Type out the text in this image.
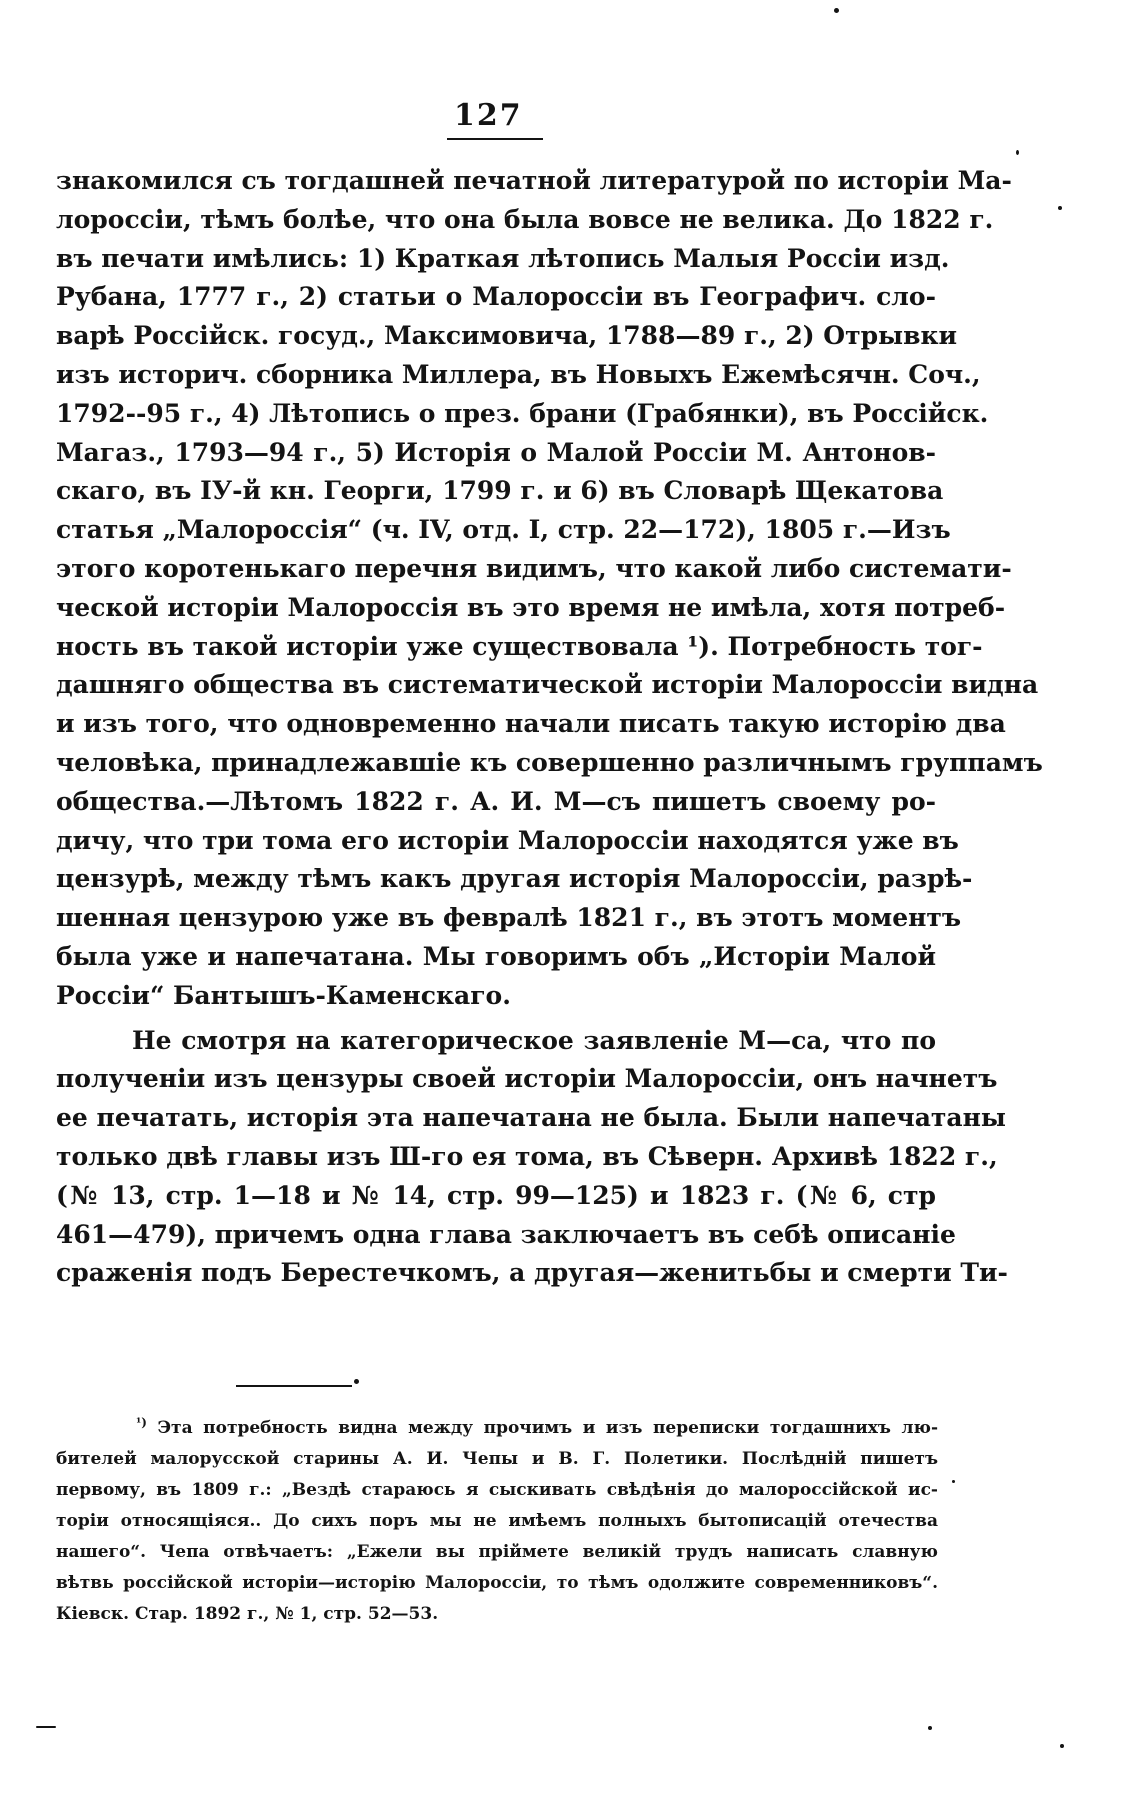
127
знакомился съ тогдашней печатной литературой по исторіи Ма-
лороссіи, тѣмъ болѣе, что она была вовсе не велика. До 1822 г.
въ печати имѣлись: 1) Краткая лѣтопись Малыя Россіи изд.
Рубана, 1777 г., 2) статьи о Малороссіи въ Географич. сло-
варѣ Россійск. госуд., Максимовича, 1788—89 г., 2) Отрывки
изъ историч. сборника Миллера, въ Новыхъ Ежемѣсячн. Соч.,
1792--95 г., 4) Лѣтопись о през. брани (Грабянки), въ Россійск.
Магаз., 1793—94 г., 5) Исторія о Малой Россіи М. Антонов-
скаго, въ IУ-й кн. Георги, 1799 г. и 6) въ Словарѣ Щекатова
статья „Малороссія“ (ч. IV, отд. I, стр. 22—172), 1805 г.—Изъ
этого коротенькаго перечня видимъ, что какой либо системати-
ческой исторіи Малороссія въ это время не имѣла, хотя потреб-
ность въ такой исторіи уже существовала ¹). Потребность тог-
дашняго общества въ систематической исторіи Малороссіи видна
и изъ того, что одновременно начали писать такую исторію два
человѣка, принадлежавшіе къ совершенно различнымъ группамъ
общества.—Лѣтомъ 1822 г. А. И. М—съ пишетъ своему ро-
дичу, что три тома его исторіи Малороссіи находятся уже въ
цензурѣ, между тѣмъ какъ другая исторія Малороссіи, разрѣ-
шенная цензурою уже въ февралѣ 1821 г., въ этотъ моментъ
была уже и напечатана. Мы говоримъ объ „Исторіи Малой
Россіи“ Бантышъ-Каменскаго.
Не смотря на категорическое заявленіе М—са, что по
полученіи изъ цензуры своей исторіи Малороссіи, онъ начнетъ
ее печатать, исторія эта напечатана не была. Были напечатаны
только двѣ главы изъ Ш-го ея тома, въ Сѣверн. Архивѣ 1822 г.,
(№ 13, стр. 1—18 и № 14, стр. 99—125) и 1823 г. (№ 6, стр
461—479), причемъ одна глава заключаетъ въ себѣ описаніе
сраженія подъ Берестечкомъ, а другая—женитьбы и смерти Ти-
$^{^1)}$ Эта потребность видна между прочимъ и изъ переписки тогдашнихъ лю-
бителей малорусской старины А. И. Чепы и В. Г. Полетики. Послѣдній пишетъ
первому, въ 1809 г.: „Вездѣ стараюсь я сыскивать свѣдѣнія до малороссійской ис-
торіи относящіяся.. До сихъ поръ мы не имѣемъ полныхъ бытописацій отечества
нашего“. Чепа отвѣчаетъ: „Ежели вы пріймете великій трудъ написать славную
вѣтвь россійской исторіи—исторію Малороссіи, то тѣмъ одолжите современниковъ“.
Кіевск. Стар. 1892 г., № 1, стр. 52—53.
